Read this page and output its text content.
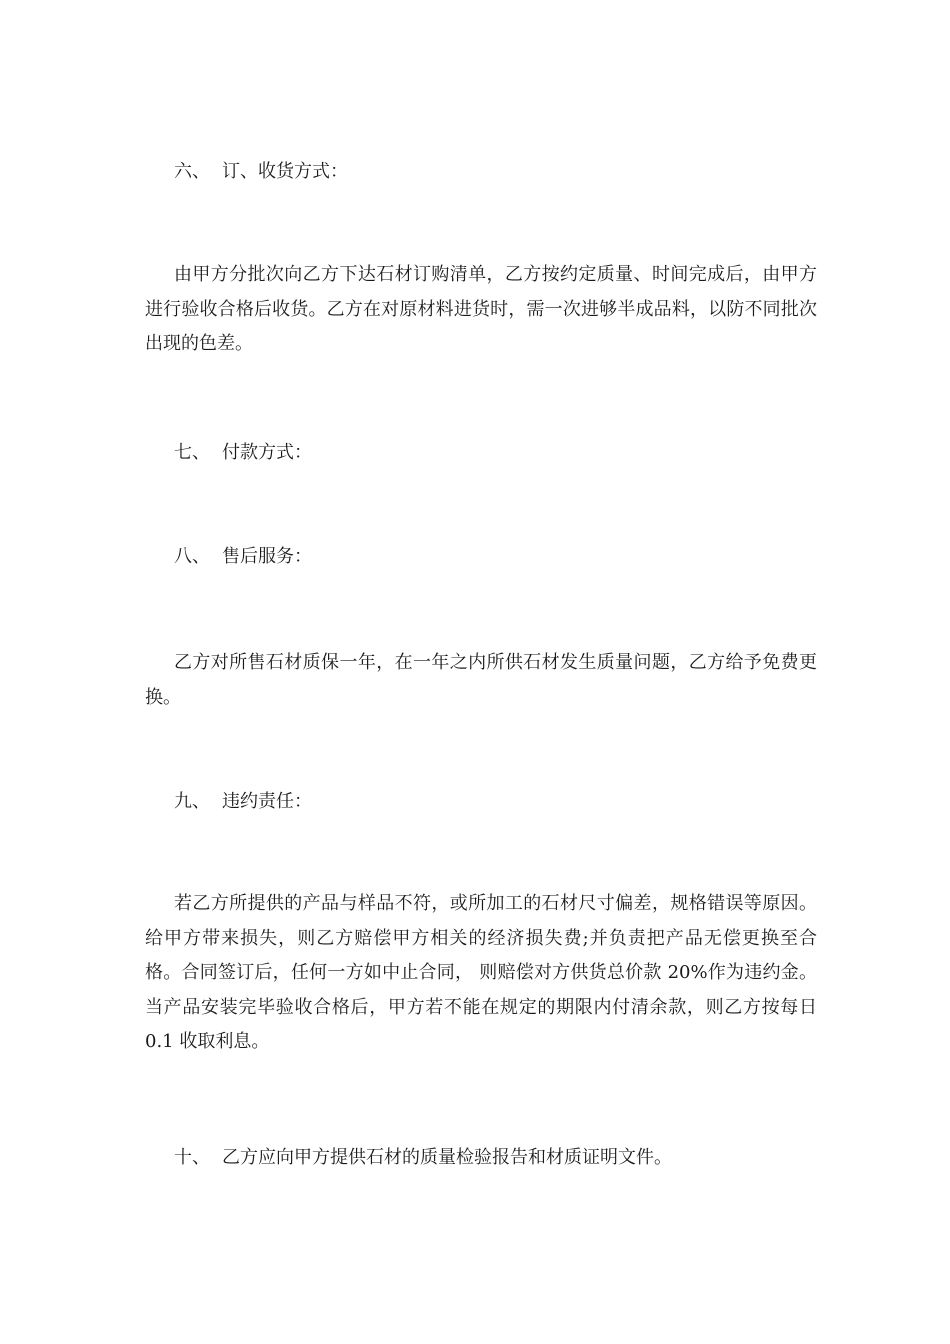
六、 订、收货方式：

由甲方分批次向乙方下达石材订购清单，乙方按约定质量、时间完成后，由甲方进行验收合格后收货。乙方在对原材料进货时，需一次进够半成品料，以防不同批次出现的色差。

七、 付款方式：
八、 售后服务：

乙方对所售石材质保一年，在一年之内所供石材发生质量问题，乙方给予免费更换。

九、 违约责任：

若乙方所提供的产品与样品不符，或所加工的石材尺寸偏差，规格错误等原因。给甲方带来损失，则乙方赔偿甲方相关的经济损失费;并负责把产品无偿更换至合格。合同签订后，任何一方如中止合同， 则赔偿对方供货总价款 20%作为违约金。当产品安装完毕验收合格后，甲方若不能在规定的期限内付清余款，则乙方按每日 0.1 收取利息。

十、 乙方应向甲方提供石材的质量检验报告和材质证明文件。
